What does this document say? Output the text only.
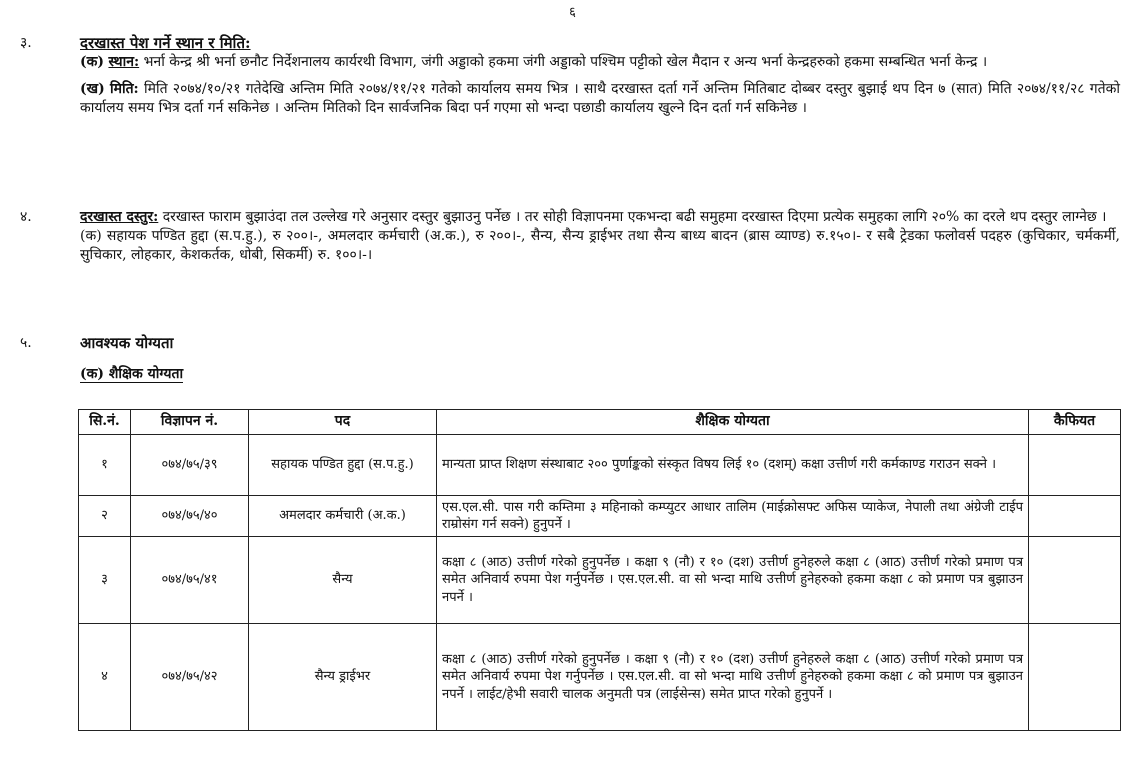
६
३.	दरखास्त पेश गर्ने स्थान र मिति:

(क) स्थान: भर्ना केन्द्र श्री भर्ना छनौट निर्देशनालय कार्यरथी विभाग, जंगी अड्डाको हकमा जंगी अड्डाको पश्चिम पट्टीको खेल मैदान र अन्य भर्ना केन्द्रहरुको हकमा सम्बन्धित भर्ना केन्द्र ।

(ख) मिति: मिति २०७४/१०/२१ गतेदेखि अन्तिम मिति २०७४/११/२१ गतेको कार्यालय समय भित्र । साथै दरखास्त दर्ता गर्ने अन्तिम मितिबाट दोब्बर दस्तुर बुझाई थप दिन ७ (सात) मिति २०७४/११/२८ गतेको कार्यालय समय भित्र दर्ता गर्न सकिनेछ । अन्तिम मितिको दिन सार्वजनिक बिदा पर्न गएमा सो भन्दा पछाडी कार्यालय खुल्ने दिन दर्ता गर्न सकिनेछ ।

४.	दरखास्त दस्तुर: दरखास्त फाराम बुझाउंदा तल उल्लेख गरे अनुसार दस्तुर बुझाउनु पर्नेछ । तर सोही विज्ञापनमा एकभन्दा बढी समुहमा दरखास्त दिएमा प्रत्येक समुहका लागि २०% का दरले थप दस्तुर लाग्नेछ ।

(क) सहायक पण्डित हुद्दा (स.प.हु.), रु २००।-, अमलदार कर्मचारी (अ.क.), रु २००।-, सैन्य, सैन्य ड्राईभर तथा सैन्य बाध्य बादन (ब्रास व्याण्ड) रु.१५०।- र सबै ट्रेडका फलोवर्स पदहरु (कुचिकार, चर्मकर्मी, सुचिकार, लोहकार, केशकर्तक, धोबी, सिकर्मी) रु. १००।-।

५.	आवश्यक योग्यता
(क) शैक्षिक योग्यता
सि.नं.	विज्ञापन नं.	पद	शैक्षिक योग्यता	कैफियत
१	०७४/७५/३९	सहायक पण्डित हुद्दा (स.प.हु.)	मान्यता प्राप्त शिक्षण संस्थाबाट २०० पुर्णाङ्कको संस्कृत विषय लिई १० (दशम्) कक्षा उत्तीर्ण गरी कर्मकाण्ड गराउन सक्ने ।	
२	०७४/७५/४०	अमलदार कर्मचारी (अ.क.)	एस.एल.सी. पास गरी कम्तिमा ३ महिनाको कम्प्युटर आधार तालिम (माईक्रोसफ्ट अफिस प्याकेज, नेपाली तथा अंग्रेजी टाईप राम्रोसंग गर्न सक्ने) हुनुपर्ने ।	
३	०७४/७५/४१	सैन्य	कक्षा ८ (आठ) उत्तीर्ण गरेको हुनुपर्नेछ । कक्षा ९ (नौ) र १० (दश) उत्तीर्ण हुनेहरुले कक्षा ८ (आठ) उत्तीर्ण गरेको प्रमाण पत्र समेत अनिवार्य रुपमा पेश गर्नुपर्नेछ । एस.एल.सी. वा सो भन्दा माथि उत्तीर्ण हुनेहरुको हकमा कक्षा ८ को प्रमाण पत्र बुझाउन नपर्ने ।	
४	०७४/७५/४२	सैन्य ड्राईभर	कक्षा ८ (आठ) उत्तीर्ण गरेको हुनुपर्नेछ । कक्षा ९ (नौ) र १० (दश) उत्तीर्ण हुनेहरुले कक्षा ८ (आठ) उत्तीर्ण गरेको प्रमाण पत्र समेत अनिवार्य रुपमा पेश गर्नुपर्नेछ । एस.एल.सी. वा सो भन्दा माथि उत्तीर्ण हुनेहरुको हकमा कक्षा ८ को प्रमाण पत्र बुझाउन नपर्ने । लाईट/हेभी सवारी चालक अनुमती पत्र (लाईसेन्स) समेत प्राप्त गरेको हुनुपर्ने ।	
